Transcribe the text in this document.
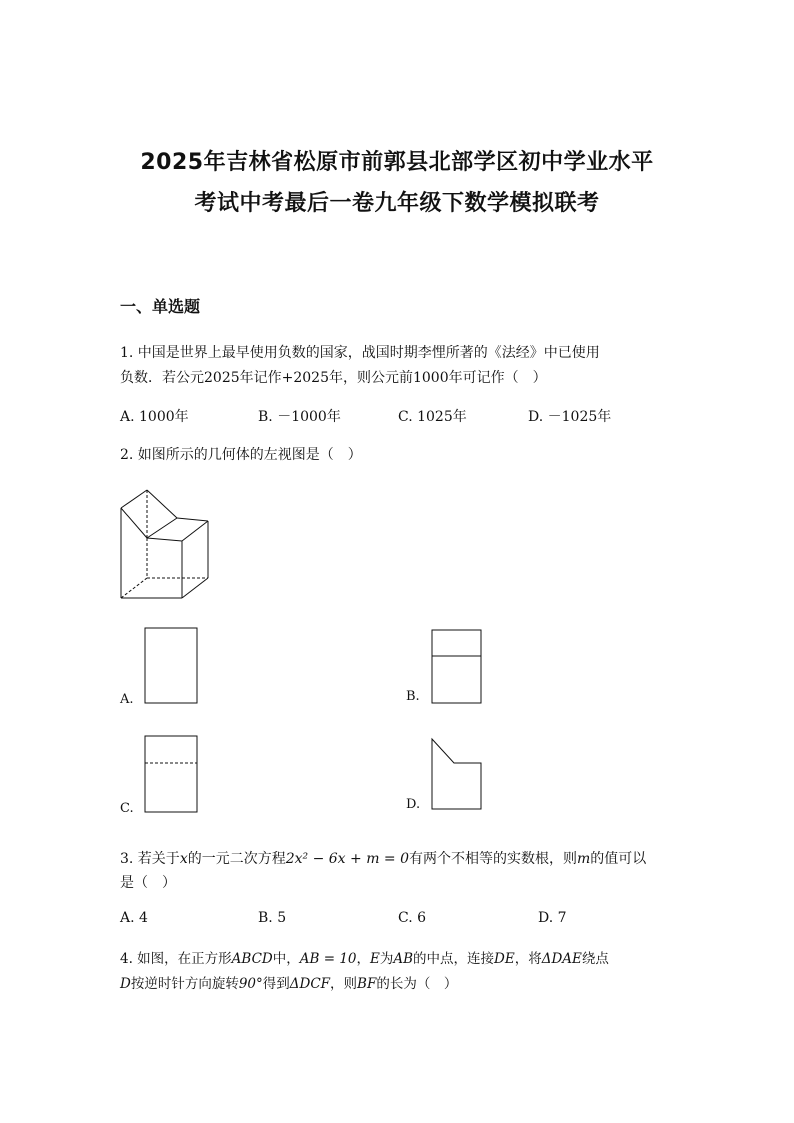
2025年吉林省松原市前郭县北部学区初中学业水平
考试中考最后一卷九年级下数学模拟联考
一、单选题
1. 中国是世界上最早使用负数的国家，战国时期李悝所著的《法经》中已使用
负数．若公元2025年记作+2025年，则公元前1000年可记作（　）
A. 1000年	B. －1000年	C. 1025年	D. －1025年
2. 如图所示的几何体的左视图是（　）
A.	B.
C.	D.
3. 若关于x的一元二次方程2x² − 6x + m = 0有两个不相等的实数根，则m的值可以
是（　）
A. 4	B. 5	C. 6	D. 7
4. 如图，在正方形ABCD中，AB = 10，E为AB的中点，连接DE，将ΔDAE绕点
D按逆时针方向旋转90°得到ΔDCF，则BF的长为（　）
